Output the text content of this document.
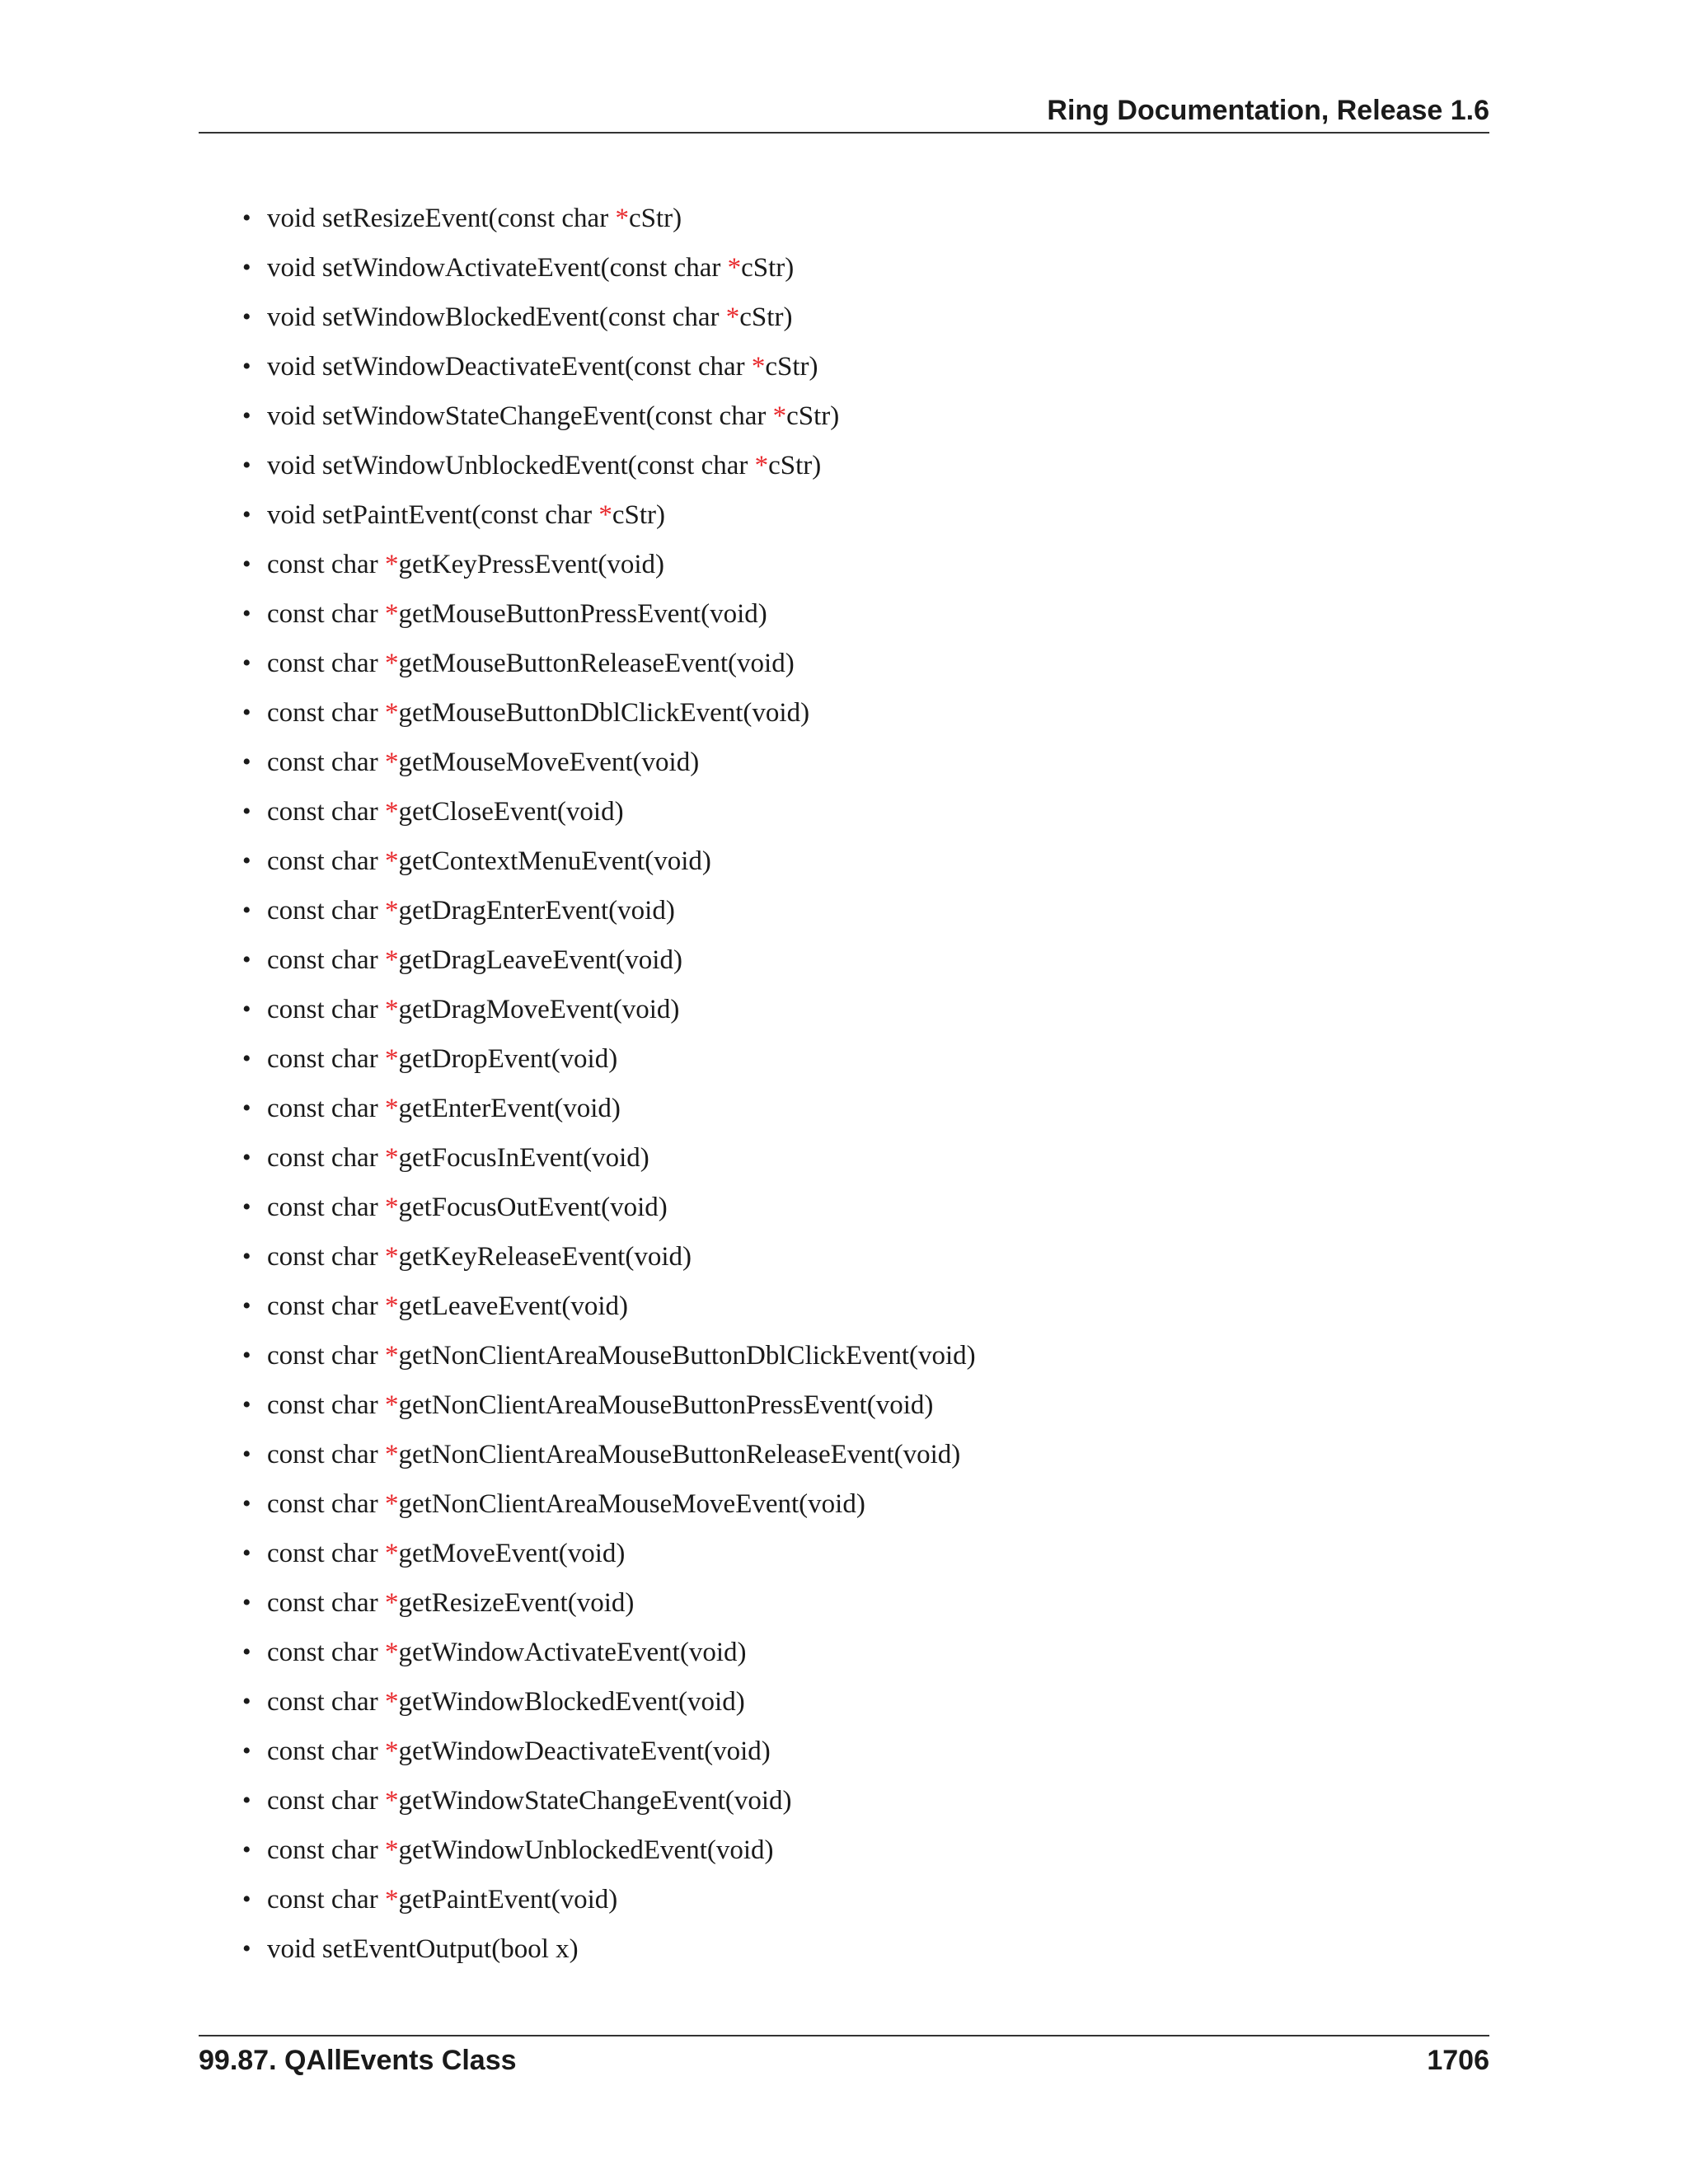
Ring Documentation, Release 1.6
• void setResizeEvent(const char *cStr)
• void setWindowActivateEvent(const char *cStr)
• void setWindowBlockedEvent(const char *cStr)
• void setWindowDeactivateEvent(const char *cStr)
• void setWindowStateChangeEvent(const char *cStr)
• void setWindowUnblockedEvent(const char *cStr)
• void setPaintEvent(const char *cStr)
• const char *getKeyPressEvent(void)
• const char *getMouseButtonPressEvent(void)
• const char *getMouseButtonReleaseEvent(void)
• const char *getMouseButtonDblClickEvent(void)
• const char *getMouseMoveEvent(void)
• const char *getCloseEvent(void)
• const char *getContextMenuEvent(void)
• const char *getDragEnterEvent(void)
• const char *getDragLeaveEvent(void)
• const char *getDragMoveEvent(void)
• const char *getDropEvent(void)
• const char *getEnterEvent(void)
• const char *getFocusInEvent(void)
• const char *getFocusOutEvent(void)
• const char *getKeyReleaseEvent(void)
• const char *getLeaveEvent(void)
• const char *getNonClientAreaMouseButtonDblClickEvent(void)
• const char *getNonClientAreaMouseButtonPressEvent(void)
• const char *getNonClientAreaMouseButtonReleaseEvent(void)
• const char *getNonClientAreaMouseMoveEvent(void)
• const char *getMoveEvent(void)
• const char *getResizeEvent(void)
• const char *getWindowActivateEvent(void)
• const char *getWindowBlockedEvent(void)
• const char *getWindowDeactivateEvent(void)
• const char *getWindowStateChangeEvent(void)
• const char *getWindowUnblockedEvent(void)
• const char *getPaintEvent(void)
• void setEventOutput(bool x)
99.87. QAllEvents Class	1706
